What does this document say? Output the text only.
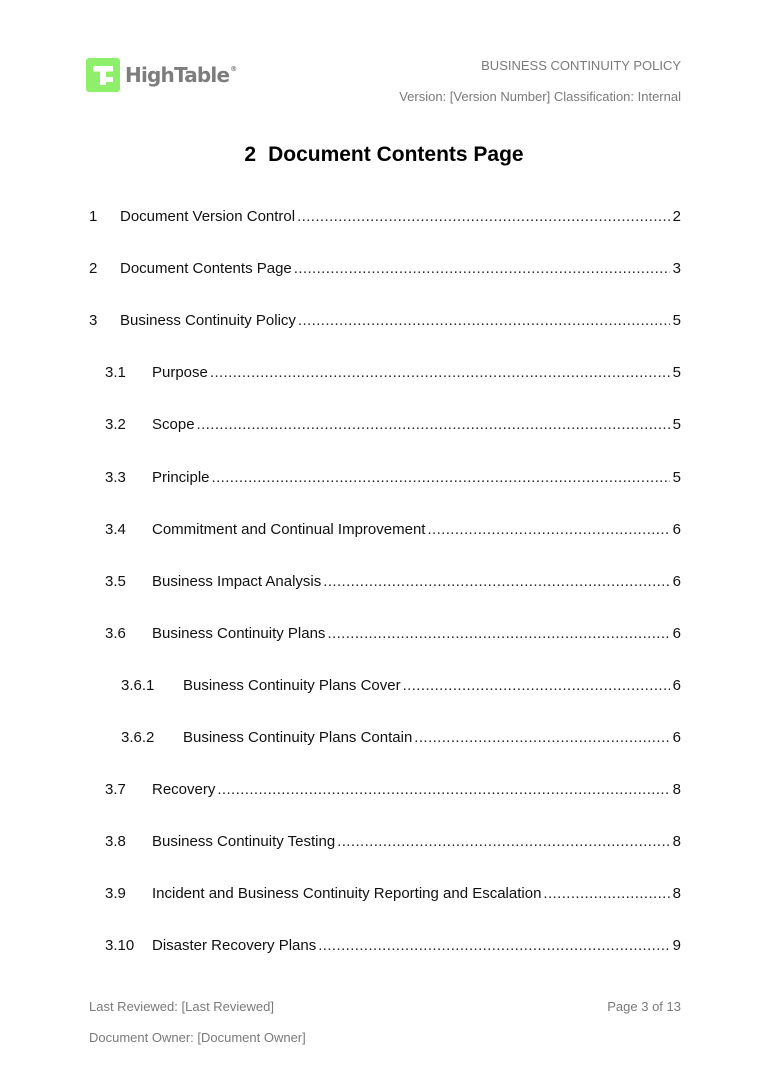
HighTable®	BUSINESS CONTINUITY POLICY
Version: [Version Number] Classification: Internal
2 Document Contents Page
1	Document Version Control .....	2
2	Document Contents Page .....	3
3	Business Continuity Policy .....	5
3.1	Purpose .....	5
3.2	Scope .....	5
3.3	Principle .....	5
3.4	Commitment and Continual Improvement .....	6
3.5	Business Impact Analysis .....	6
3.6	Business Continuity Plans .....	6
3.6.1	Business Continuity Plans Cover .....	6
3.6.2	Business Continuity Plans Contain .....	6
3.7	Recovery .....	8
3.8	Business Continuity Testing .....	8
3.9	Incident and Business Continuity Reporting and Escalation .....	8
3.10	Disaster Recovery Plans .....	9
Last Reviewed: [Last Reviewed]
Document Owner: [Document Owner]
Page 3 of 13
